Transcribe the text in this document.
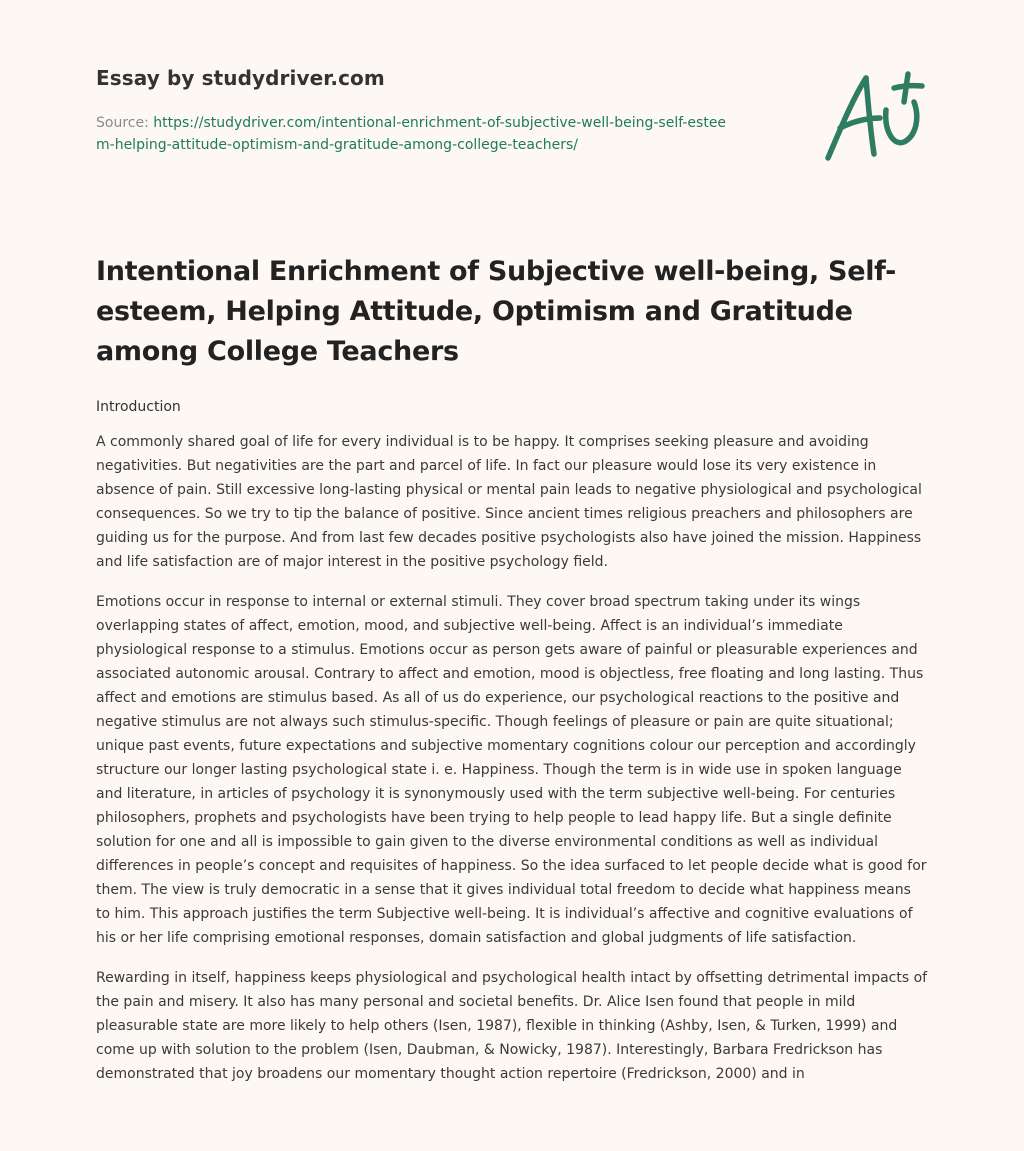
Essay by studydriver.com
Source: https://studydriver.com/intentional-enrichment-of-subjective-well-being-self-esteem-helping-attitude-optimism-and-gratitude-among-college-teachers/
Intentional Enrichment of Subjective well-being, Self-esteem, Helping Attitude, Optimism and Gratitude among College Teachers
Introduction

A commonly shared goal of life for every individual is to be happy. It comprises seeking pleasure and avoiding negativities. But negativities are the part and parcel of life. In fact our pleasure would lose its very existence in absence of pain. Still excessive long-lasting physical or mental pain leads to negative physiological and psychological consequences. So we try to tip the balance of positive. Since ancient times religious preachers and philosophers are guiding us for the purpose. And from last few decades positive psychologists also have joined the mission. Happiness and life satisfaction are of major interest in the positive psychology field.

Emotions occur in response to internal or external stimuli. They cover broad spectrum taking under its wings overlapping states of affect, emotion, mood, and subjective well-being. Affect is an individual’s immediate physiological response to a stimulus. Emotions occur as person gets aware of painful or pleasurable experiences and associated autonomic arousal. Contrary to affect and emotion, mood is objectless, free floating and long lasting. Thus affect and emotions are stimulus based. As all of us do experience, our psychological reactions to the positive and negative stimulus are not always such stimulus-specific. Though feelings of pleasure or pain are quite situational; unique past events, future expectations and subjective momentary cognitions colour our perception and accordingly structure our longer lasting psychological state i. e. Happiness. Though the term is in wide use in spoken language and literature, in articles of psychology it is synonymously used with the term subjective well-being. For centuries philosophers, prophets and psychologists have been trying to help people to lead happy life. But a single definite solution for one and all is impossible to gain given to the diverse environmental conditions as well as individual differences in people’s concept and requisites of happiness. So the idea surfaced to let people decide what is good for them. The view is truly democratic in a sense that it gives individual total freedom to decide what happiness means to him. This approach justifies the term Subjective well-being. It is individual’s affective and cognitive evaluations of his or her life comprising emotional responses, domain satisfaction and global judgments of life satisfaction.

Rewarding in itself, happiness keeps physiological and psychological health intact by offsetting detrimental impacts of the pain and misery. It also has many personal and societal benefits. Dr. Alice Isen found that people in mild pleasurable state are more likely to help others (Isen, 1987), flexible in thinking (Ashby, Isen, & Turken, 1999) and come up with solution to the problem (Isen, Daubman, & Nowicky, 1987). Interestingly, Barbara Fredrickson has demonstrated that joy broadens our momentary thought action repertoire (Fredrickson, 2000) and in
